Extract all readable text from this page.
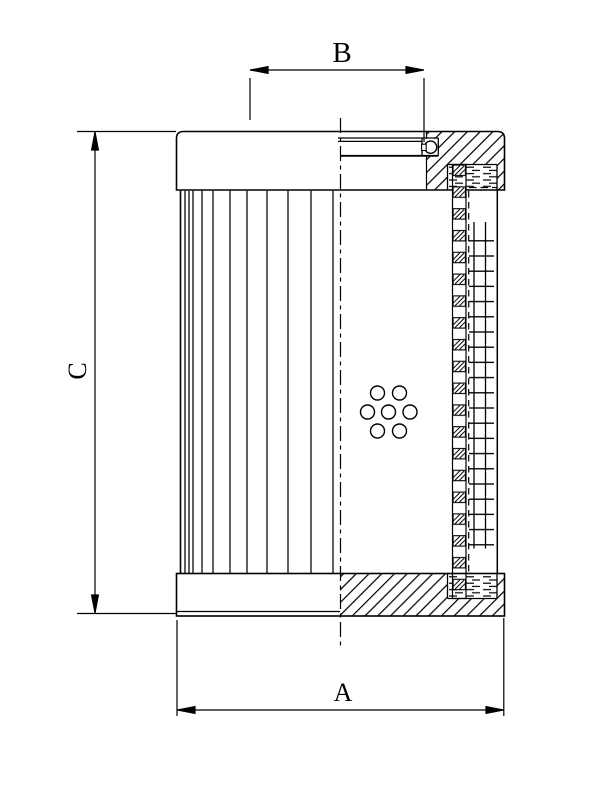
B
C
A
